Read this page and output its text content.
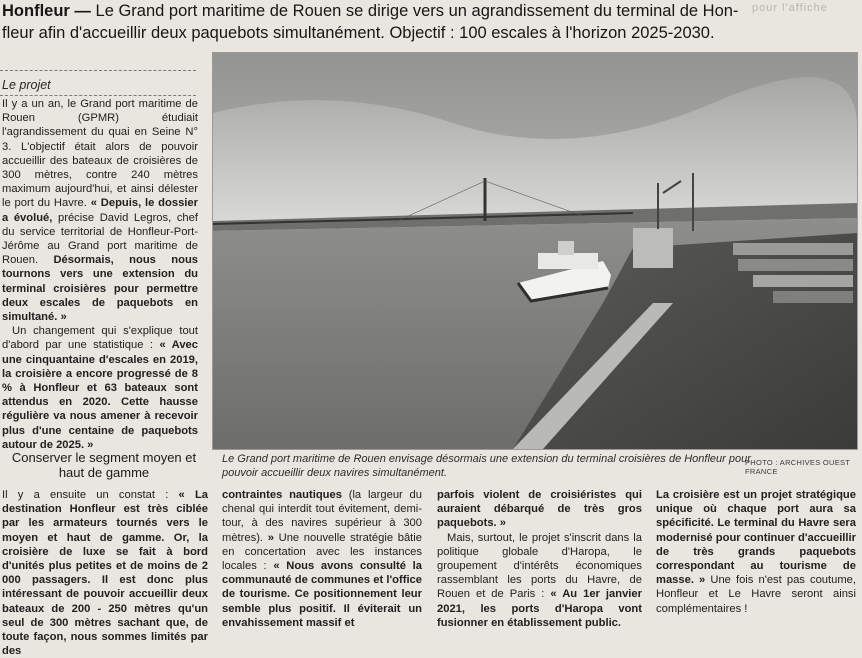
pour l'affiche
Honfleur — Le Grand port maritime de Rouen se dirige vers un agrandissement du terminal de Hon-
fleur afin d'accueillir deux paquebots simultanément. Objectif : 100 escales à l'horizon 2025-2030.
Le projet

Il y a un an, le Grand port maritime de Rouen (GPMR) étudiait l'agrandissement du quai en Seine N° 3. L'objectif était alors de pouvoir accueillir des bateaux de croisières de 300 mètres, contre 240 mètres maximum aujourd'hui, et ainsi délester le port du Havre. « Depuis, le dossier a évolué, précise David Legros, chef du service territorial de Honfleur-Port-Jérôme au Grand port maritime de Rouen. Désormais, nous nous tournons vers une extension du terminal croisières pour permettre deux escales de paquebots en simultané. »

Un changement qui s'explique tout d'abord par une statistique : « Avec une cinquantaine d'escales en 2019, la croisière a encore progressé de 8 % à Honfleur et 63 bateaux sont attendus en 2020. Cette hausse régulière va nous amener à recevoir plus d'une centaine de paquebots autour de 2025. »

Conserver le segment moyen et haut de gamme

Il y a ensuite un constat : « La destination Honfleur est très ciblée par les armateurs tournés vers le moyen et haut de gamme. Or, la croisière de luxe se fait à bord d'unités plus petites et de moins de 2 000 passagers. Il est donc plus intéressant de pouvoir accueillir deux bateaux de 200 - 250 mètres qu'un seul de 300 mètres sachant que, de toute façon, nous sommes limités par des

contraintes nautiques (la largeur du chenal qui interdit tout évitement, demi-tour, à des navires supérieur à 300 mètres). » Une nouvelle stratégie bâtie en concertation avec les instances locales : « Nous avons consulté la communauté de communes et l'office de tourisme. Ce positionnement leur semble plus positif. Il éviterait un envahissement massif et

parfois violent de croisiéristes qui auraient débarqué de très gros paquebots. »

Mais, surtout, le projet s'inscrit dans la politique globale d'Haropa, le groupement d'intérêts économiques rassemblant les ports du Havre, de Rouen et de Paris : « Au 1er janvier 2021, les ports d'Haropa vont fusionner en établissement public.

La croisière est un projet stratégique unique où chaque port aura sa spécificité. Le terminal du Havre sera modernisé pour continuer d'accueillir de très grands paquebots correspondant au tourisme de masse. » Une fois n'est pas coutume, Honfleur et Le Havre seront ainsi complémentaires !

Le Grand port maritime de Rouen envisage désormais une extension du terminal croisières de Honfleur pour pouvoir accueillir deux navires simultanément.
PHOTO : ARCHIVES OUEST FRANCE
